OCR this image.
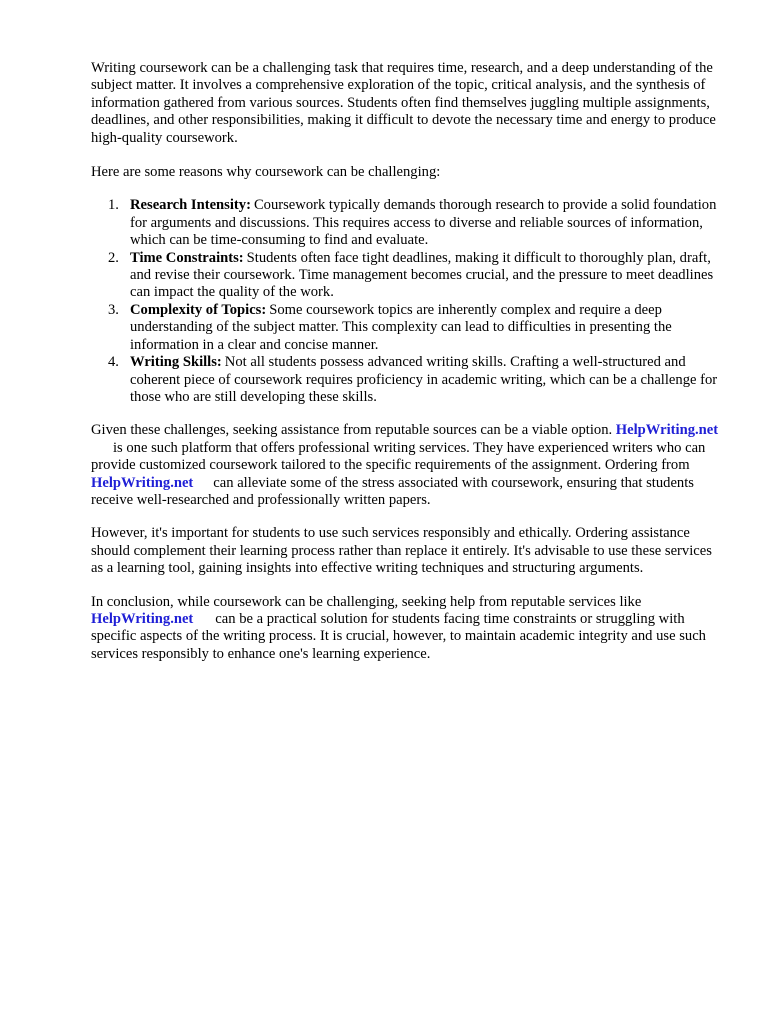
Writing coursework can be a challenging task that requires time, research, and a deep understanding of the subject matter. It involves a comprehensive exploration of the topic, critical analysis, and the synthesis of information gathered from various sources. Students often find themselves juggling multiple assignments, deadlines, and other responsibilities, making it difficult to devote the necessary time and energy to produce high-quality coursework.

Here are some reasons why coursework can be challenging:

1. Research Intensity: Coursework typically demands thorough research to provide a solid foundation for arguments and discussions. This requires access to diverse and reliable sources of information, which can be time-consuming to find and evaluate.
2. Time Constraints: Students often face tight deadlines, making it difficult to thoroughly plan, draft, and revise their coursework. Time management becomes crucial, and the pressure to meet deadlines can impact the quality of the work.
3. Complexity of Topics: Some coursework topics are inherently complex and require a deep understanding of the subject matter. This complexity can lead to difficulties in presenting the information in a clear and concise manner.
4. Writing Skills: Not all students possess advanced writing skills. Crafting a well-structured and coherent piece of coursework requires proficiency in academic writing, which can be a challenge for those who are still developing these skills.

Given these challenges, seeking assistance from reputable sources can be a viable option. HelpWriting.netis one such platform that offers professional writing services. They have experienced writers who can provide customized coursework tailored to the specific requirements of the assignment. Ordering fromHelpWriting.net can alleviate some of the stress associated with coursework, ensuring that students receive well-researched and professionally written papers.

However, it's important for students to use such services responsibly and ethically. Ordering assistance should complement their learning process rather than replace it entirely. It's advisable to use these services as a learning tool, gaining insights into effective writing techniques and structuring arguments.

In conclusion, while coursework can be challenging, seeking help from reputable services like HelpWriting.net can be a practical solution for students facing time constraints or struggling with specific aspects of the writing process. It is crucial, however, to maintain academic integrity and use such services responsibly to enhance one's learning experience.
